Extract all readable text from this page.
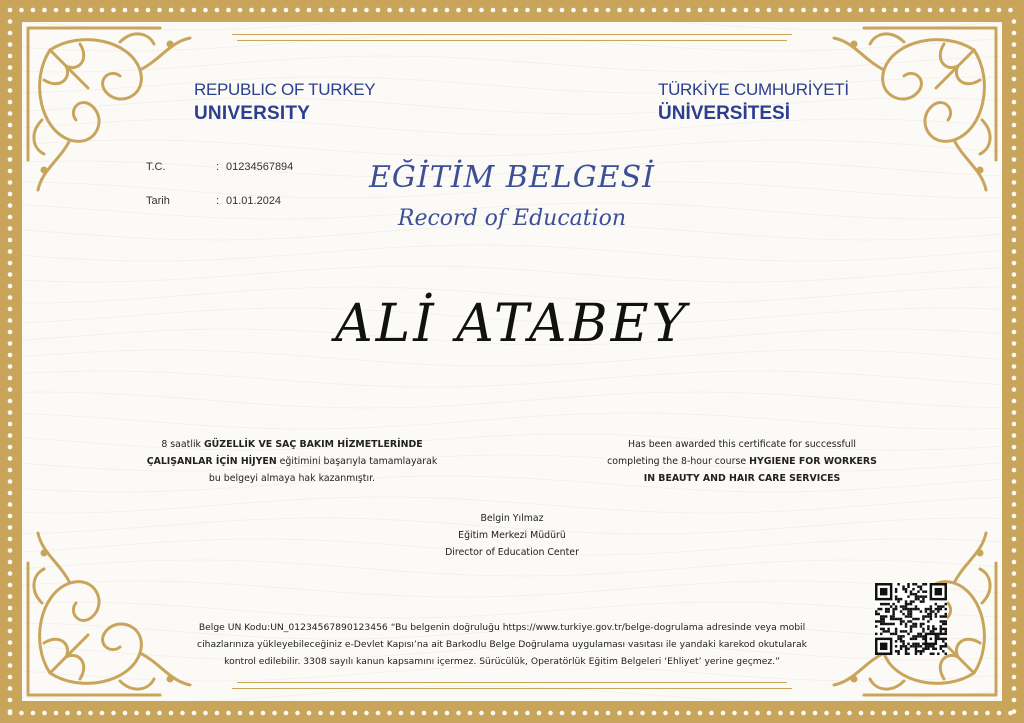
REPUBLIC OF TURKEY
UNIVERSITY
TÜRKİYE CUMHURİYETİ
ÜNİVERSİTESİ
T.C.	: 01234567894
Tarih	: 01.01.2024
EĞİTİM BELGESİ
Record of Education
ALİ ATABEY
8 saatlik GÜZELLİK VE SAÇ BAKIM HİZMETLERİNDE
ÇALIŞANLAR İÇİN HİJYEN eğitimini başarıyla tamamlayarak
bu belgeyi almaya hak kazanmıştır.
Has been awarded this certificate for successfull
completing the 8-hour course HYGIENE FOR WORKERS
IN BEAUTY AND HAIR CARE SERVICES
Belgin Yılmaz
Eğitim Merkezi Müdürü
Director of Education Center
Belge UN Kodu:UN_01234567890123456 “Bu belgenin doğruluğu https://www.turkiye.gov.tr/belge-dogrulama adresinde veya mobil
cihazlarınıza yükleyebileceğiniz e-Devlet Kapısı’na ait Barkodlu Belge Doğrulama uygulaması vasıtası ile yandaki karekod okutularak
kontrol edilebilir. 3308 sayılı kanun kapsamını içermez. Sürücülük, Operatörlük Eğitim Belgeleri ‘Ehliyet’ yerine geçmez.”
